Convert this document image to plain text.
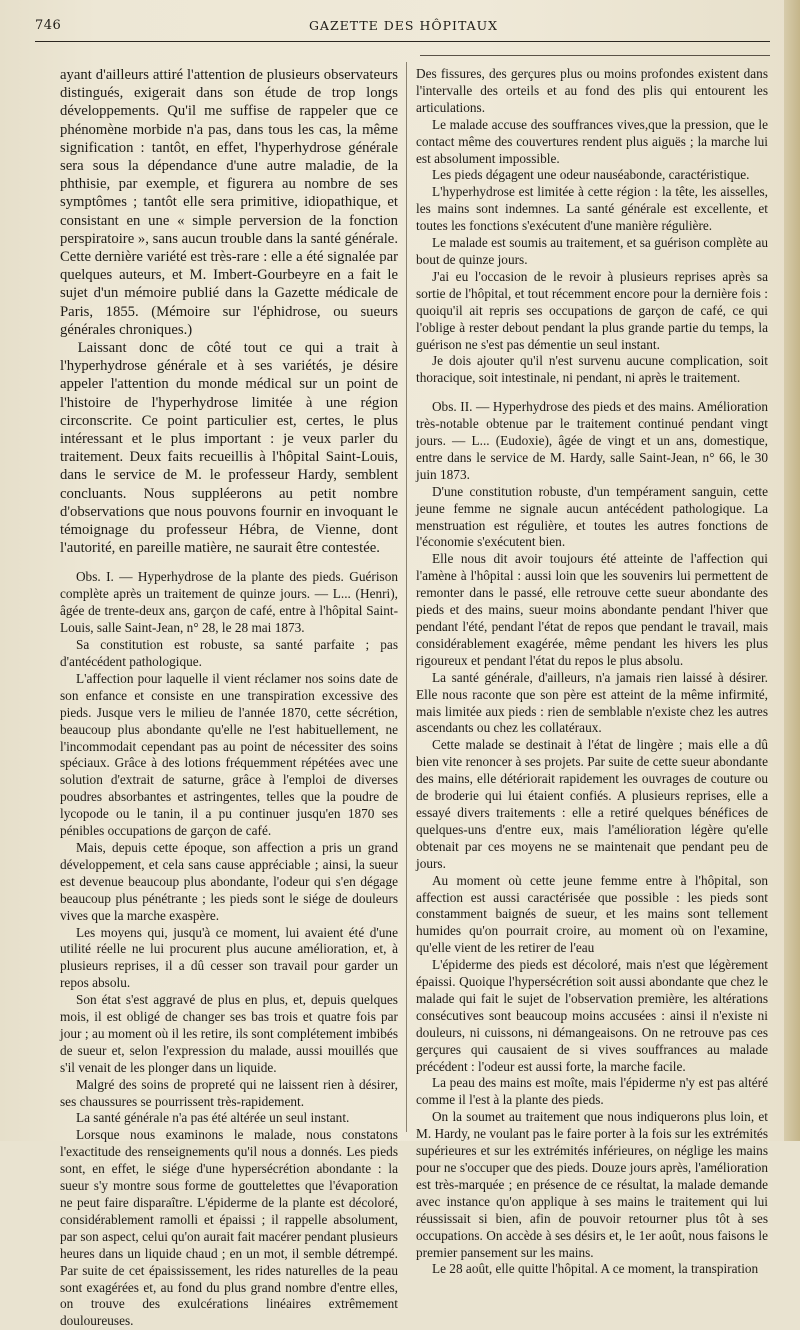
746	GAZETTE DES HÔPITAUX

ayant d'ailleurs attiré l'attention de plusieurs observateurs distingués, exigerait dans son étude de trop longs développements. Qu'il me suffise de rappeler que ce phénomène morbide n'a pas, dans tous les cas, la même signification : tantôt, en effet, l'hyperhydrose générale sera sous la dépendance d'une autre maladie, de la phthisie, par exemple, et figurera au nombre de ses symptômes ; tantôt elle sera primitive, idiopathique, et consistant en une « simple perversion de la fonction perspiratoire », sans aucun trouble dans la santé générale. Cette dernière variété est très-rare : elle a été signalée par quelques auteurs, et M. Imbert-Gourbeyre en a fait le sujet d'un mémoire publié dans la Gazette médicale de Paris, 1855. (Mémoire sur l'éphidrose, ou sueurs générales chroniques.)

Laissant donc de côté tout ce qui a trait à l'hyperhydrose générale et à ses variétés, je désire appeler l'attention du monde médical sur un point de l'histoire de l'hyperhydrose limitée à une région circonscrite. Ce point particulier est, certes, le plus intéressant et le plus important : je veux parler du traitement. Deux faits recueillis à l'hôpital Saint-Louis, dans le service de M. le professeur Hardy, semblent concluants. Nous suppléerons au petit nombre d'observations que nous pouvons fournir en invoquant le témoignage du professeur Hébra, de Vienne, dont l'autorité, en pareille matière, ne saurait être contestée.

Obs. I. — Hyperhydrose de la plante des pieds. Guérison complète après un traitement de quinze jours. — L... (Henri), âgée de trente-deux ans, garçon de café, entre à l'hôpital Saint-Louis, salle Saint-Jean, n° 28, le 28 mai 1873.

Sa constitution est robuste, sa santé parfaite ; pas d'antécédent pathologique.

L'affection pour laquelle il vient réclamer nos soins date de son enfance et consiste en une transpiration excessive des pieds. Jusque vers le milieu de l'année 1870, cette sécrétion, beaucoup plus abondante qu'elle ne l'est habituellement, ne l'incommodait cependant pas au point de nécessiter des soins spéciaux. Grâce à des lotions fréquemment répétées avec une solution d'extrait de saturne, grâce à l'emploi de diverses poudres absorbantes et astringentes, telles que la poudre de lycopode ou le tanin, il a pu continuer jusqu'en 1870 ses pénibles occupations de garçon de café.

Mais, depuis cette époque, son affection a pris un grand développement, et cela sans cause appréciable ; ainsi, la sueur est devenue beaucoup plus abondante, l'odeur qui s'en dégage beaucoup plus pénétrante ; les pieds sont le siége de douleurs vives que la marche exaspère.

Les moyens qui, jusqu'à ce moment, lui avaient été d'une utilité réelle ne lui procurent plus aucune amélioration, et, à plusieurs reprises, il a dû cesser son travail pour garder un repos absolu.

Son état s'est aggravé de plus en plus, et, depuis quelques mois, il est obligé de changer ses bas trois et quatre fois par jour ; au moment où il les retire, ils sont complétement imbibés de sueur et, selon l'expression du malade, aussi mouillés que s'il venait de les plonger dans un liquide.

Malgré des soins de propreté qui ne laissent rien à désirer, ses chaussures se pourrissent très-rapidement.

La santé générale n'a pas été altérée un seul instant.

Lorsque nous examinons le malade, nous constatons l'exactitude des renseignements qu'il nous a donnés. Les pieds sont, en effet, le siége d'une hypersécrétion abondante : la sueur s'y montre sous forme de gouttelettes que l'évaporation ne peut faire disparaître. L'épiderme de la plante est décoloré, considérablement ramolli et épaissi ; il rappelle absolument, par son aspect, celui qu'on aurait fait macérer pendant plusieurs heures dans un liquide chaud ; en un mot, il semble détrempé. Par suite de cet épaississement, les rides naturelles de la peau sont exagérées et, au fond du plus grand nombre d'entre elles, on trouve des exulcérations linéaires extrêmement douloureuses.

Des fissures, des gerçures plus ou moins profondes existent dans l'intervalle des orteils et au fond des plis qui entourent les articulations.

Le malade accuse des souffrances vives,que la pression, que le contact même des couvertures rendent plus aiguës ; la marche lui est absolument impossible.

Les pieds dégagent une odeur nauséabonde, caractéristique.

L'hyperhydrose est limitée à cette région : la tête, les aisselles, les mains sont indemnes. La santé générale est excellente, et toutes les fonctions s'exécutent d'une manière régulière.

Le malade est soumis au traitement, et sa guérison complète au bout de quinze jours.

J'ai eu l'occasion de le revoir à plusieurs reprises après sa sortie de l'hôpital, et tout récemment encore pour la dernière fois : quoiqu'il ait repris ses occupations de garçon de café, ce qui l'oblige à rester debout pendant la plus grande partie du temps, la guérison ne s'est pas démentie un seul instant.

Je dois ajouter qu'il n'est survenu aucune complication, soit thoracique, soit intestinale, ni pendant, ni après le traitement.

Obs. II. — Hyperhydrose des pieds et des mains. Amélioration très-notable obtenue par le traitement continué pendant vingt jours. — L... (Eudoxie), âgée de vingt et un ans, domestique, entre dans le service de M. Hardy, salle Saint-Jean, n° 66, le 30 juin 1873.

D'une constitution robuste, d'un tempérament sanguin, cette jeune femme ne signale aucun antécédent pathologique. La menstruation est régulière, et toutes les autres fonctions de l'économie s'exécutent bien.

Elle nous dit avoir toujours été atteinte de l'affection qui l'amène à l'hôpital : aussi loin que les souvenirs lui permettent de remonter dans le passé, elle retrouve cette sueur abondante des pieds et des mains, sueur moins abondante pendant l'hiver que pendant l'été, pendant l'état de repos que pendant le travail, mais considérablement exagérée, même pendant les hivers les plus rigoureux et pendant l'état du repos le plus absolu.

La santé générale, d'ailleurs, n'a jamais rien laissé à désirer. Elle nous raconte que son père est atteint de la même infirmité, mais limitée aux pieds : rien de semblable n'existe chez les autres ascendants ou chez les collatéraux.

Cette malade se destinait à l'état de lingère ; mais elle a dû bien vite renoncer à ses projets. Par suite de cette sueur abondante des mains, elle détériorait rapidement les ouvrages de couture ou de broderie qui lui étaient confiés. A plusieurs reprises, elle a essayé divers traitements : elle a retiré quelques bénéfices de quelques-uns d'entre eux, mais l'amélioration légère qu'elle obtenait par ces moyens ne se maintenait que pendant peu de jours.

Au moment où cette jeune femme entre à l'hôpital, son affection est aussi caractérisée que possible : les pieds sont constamment baignés de sueur, et les mains sont tellement humides qu'on pourrait croire, au moment où on l'examine, qu'elle vient de les retirer de l'eau

L'épiderme des pieds est décoloré, mais n'est que légèrement épaissi. Quoique l'hypersécrétion soit aussi abondante que chez le malade qui fait le sujet de l'observation première, les altérations consécutives sont beaucoup moins accusées : ainsi il n'existe ni douleurs, ni cuissons, ni démangeaisons. On ne retrouve pas ces gerçures qui causaient de si vives souffrances au malade précédent : l'odeur est aussi forte, la marche facile.

La peau des mains est moîte, mais l'épiderme n'y est pas altéré comme il l'est à la plante des pieds.

On la soumet au traitement que nous indiquerons plus loin, et M. Hardy, ne voulant pas le faire porter à la fois sur les extrémités supérieures et sur les extrémités inférieures, on néglige les mains pour ne s'occuper que des pieds. Douze jours après, l'amélioration est très-marquée ; en présence de ce résultat, la malade demande avec instance qu'on applique à ses mains le traitement qui lui réussissait si bien, afin de pouvoir retourner plus tôt à ses occupations. On accède à ses désirs et, le 1er août, nous faisons le premier pansement sur les mains.

Le 28 août, elle quitte l'hôpital. A ce moment, la transpiration
